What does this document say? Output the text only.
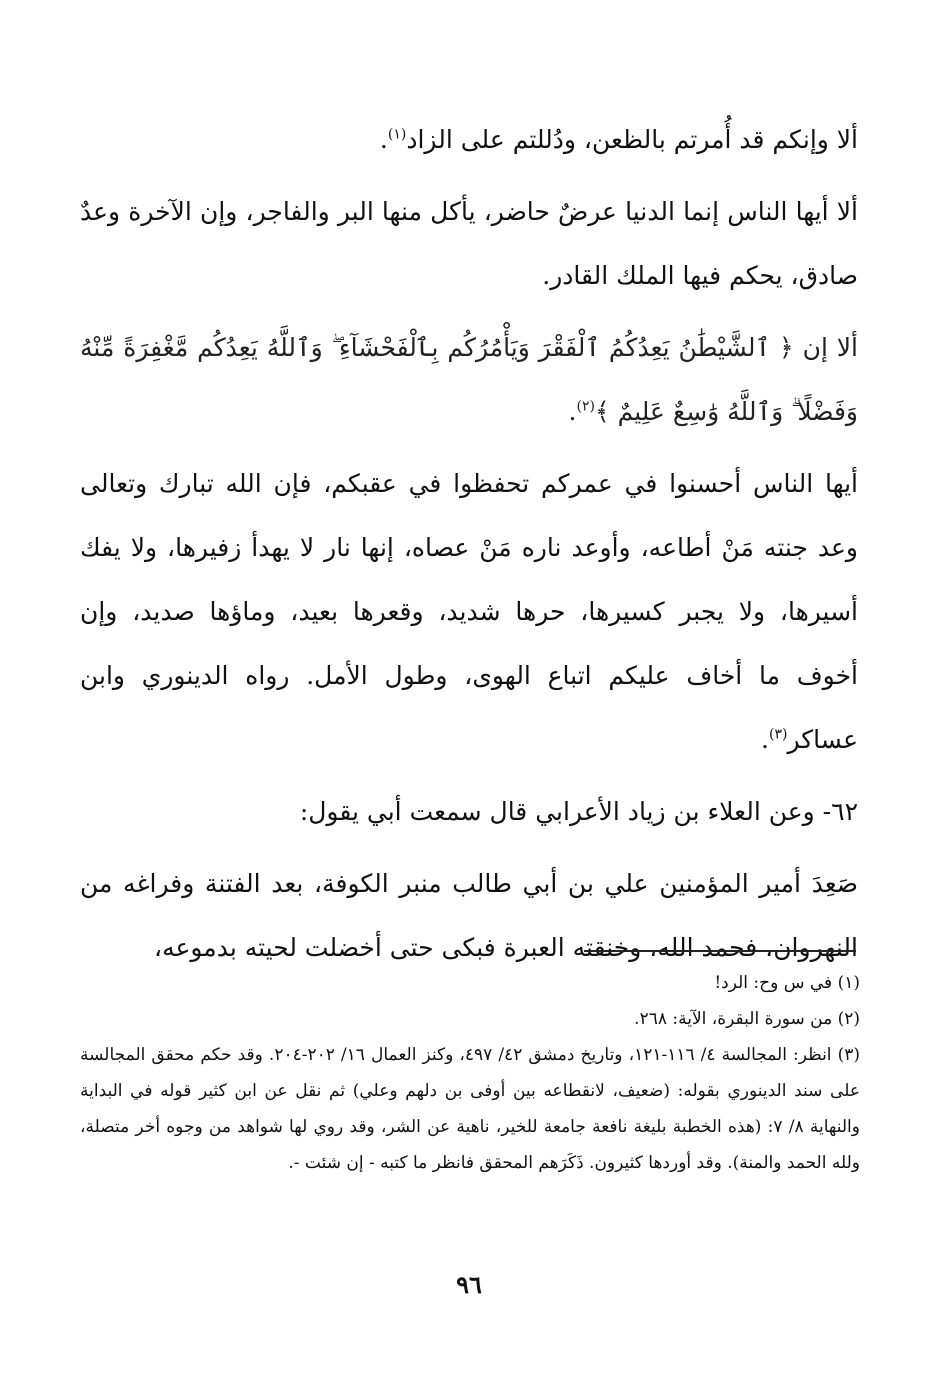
ألا وإنكم قد أُمرتم بالظعن، ودُللتم على الزاد$^{(١)}$.

ألا أيها الناس إنما الدنيا عرضٌ حاضر، يأكل منها البر والفاجر، وإن الآخرة وعدٌ صادق، يحكم فيها الملك القادر.

ألا إن ﴿ ٱلشَّيْطَٰنُ يَعِدُكُمُ ٱلْفَقْرَ وَيَأْمُرُكُم بِٱلْفَحْشَآءِ ۖ وَٱللَّهُ يَعِدُكُم مَّغْفِرَةً مِّنْهُ وَفَضْلًا ۗ وَٱللَّهُ وَٰسِعٌ عَلِيمٌ ﴾$^{(٢)}$.

أيها الناس أحسنوا في عمركم تحفظوا في عقبكم، فإن الله تبارك وتعالى وعد جنته مَنْ أطاعه، وأوعد ناره مَنْ عصاه، إنها نار لا يهدأ زفيرها، ولا يفك أسيرها، ولا يجبر كسيرها، حرها شديد، وقعرها بعيد، وماؤها صديد، وإن أخوف ما أخاف عليكم اتباع الهوى، وطول الأمل. رواه الدينوري وابن عساكر$^{(٣)}$.

٦٢- وعن العلاء بن زياد الأعرابي قال سمعت أبي يقول:

صَعِدَ أمير المؤمنين علي بن أبي طالب منبر الكوفة، بعد الفتنة وفراغه من النهروان، فحمد الله، وخنقته العبرة فبكى حتى أخضلت لحيته بدموعه،

(١) في س وح: الرد!

(٢) من سورة البقرة، الآية: ٢٦٨.

(٣) انظر: المجالسة ٤/ ١١٦-١٢١، وتاريخ دمشق ٤٢/ ٤٩٧، وكنز العمال ١٦/ ٢٠٢-٢٠٤. وقد حكم محقق المجالسة على سند الدينوري بقوله: (ضعيف، لانقطاعه بين أوفى بن دلهم وعلي) ثم نقل عن ابن كثير قوله في البداية والنهاية ٨/ ٧: (هذه الخطبة بليغة نافعة جامعة للخير، ناهية عن الشر، وقد روي لها شواهد من وجوه أخر متصلة، ولله الحمد والمنة). وقد أوردها كثيرون. ذَكَرَهم المحقق فانظر ما كتبه - إن شئت -.

٩٦
